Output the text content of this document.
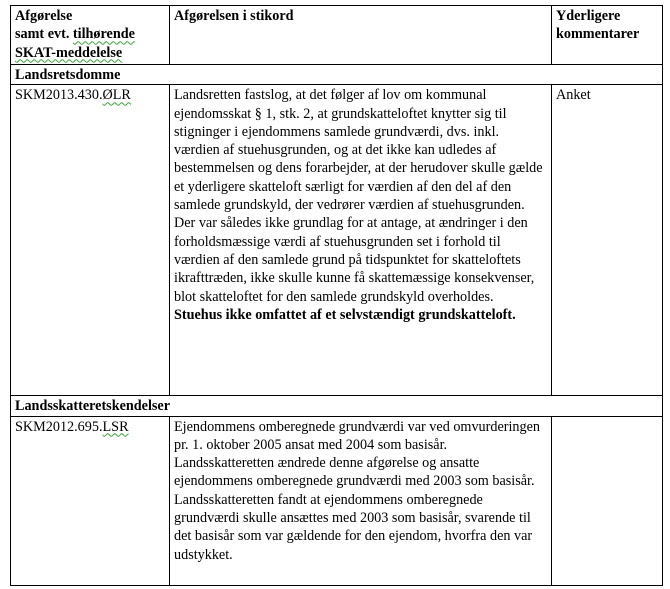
Afgørelse
samt evt. tilhørende
SKAT-meddelelse	Afgørelsen i stikord	Yderligere
kommentarer

Landsretsdomme		
SKM2013.430.ØLR	Landsretten fastslog, at det følger af lov om kommunal ejendomsskat § 1, stk. 2, at grundskatteloftet knytter sig til stigninger i ejendommens samlede grundværdi, dvs. inkl. værdien af stuehusgrunden, og at det ikke kan udledes af bestemmelsen og dens forarbejder, at der herudover skulle gælde et yderligere skatteloft særligt for værdien af den del af den samlede grundskyld, der vedrører værdien af stuehusgrunden.
Der var således ikke grundlag for at antage, at ændringer i den forholdsmæssige værdi af stuehusgrunden set i forhold til værdien af den samlede grund på tidspunktet for skatteloftets ikrafttræden, ikke skulle kunne få skattemæssige konsekvenser, blot skatteloftet for den samlede grundskyld overholdes.
Stuehus ikke omfattet af et selvstændigt grundskatteloft.	Anket
Landsskatteretskendelser		
SKM2012.695.LSR	Ejendommens omberegnede grundværdi var ved omvurderingen pr. 1. oktober 2005 ansat med 2004 som basisår. Landsskatteretten ændrede denne afgørelse og ansatte ejendommens omberegnede grundværdi med 2003 som basisår.
Landsskatteretten fandt at ejendommens omberegnede grundværdi skulle ansættes med 2003 som basisår, svarende til det basisår som var gældende for den ejendom, hvorfra den var udstykket.	
